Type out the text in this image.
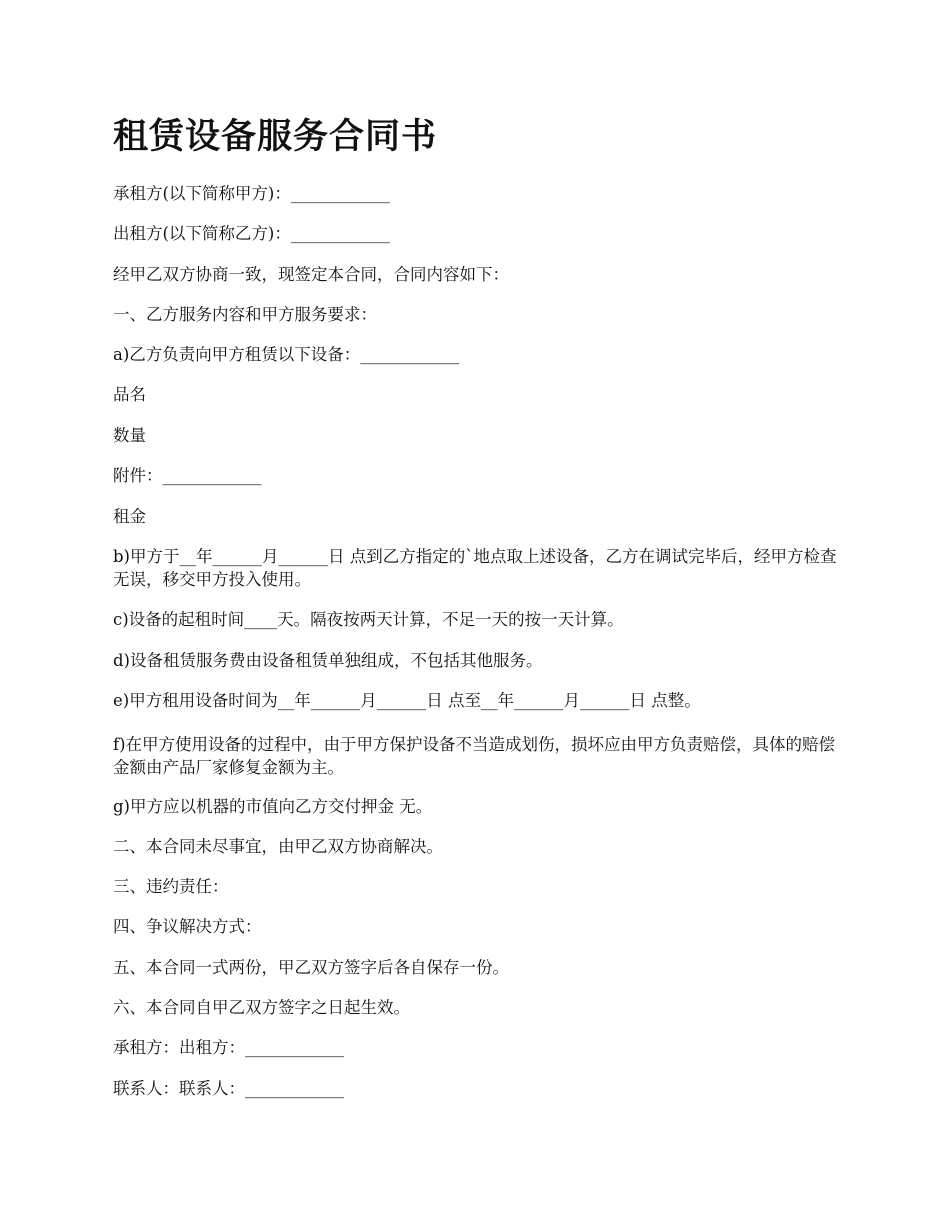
租赁设备服务合同书

承租方(以下简称甲方)：____________

出租方(以下简称乙方)：____________

经甲乙双方协商一致，现签定本合同，合同内容如下：

一、乙方服务内容和甲方服务要求：

a)乙方负责向甲方租赁以下设备：____________

品名

数量

附件：____________

租金

b)甲方于__年______月______日 点到乙方指定的`地点取上述设备，乙方在调试完毕后，经甲方检查无误，移交甲方投入使用。

c)设备的起租时间____天。隔夜按两天计算，不足一天的按一天计算。

d)设备租赁服务费由设备租赁单独组成，不包括其他服务。

e)甲方租用设备时间为__年______月______日 点至__年______月______日 点整。

f)在甲方使用设备的过程中，由于甲方保护设备不当造成划伤，损坏应由甲方负责赔偿，具体的赔偿金额由产品厂家修复金额为主。

g)甲方应以机器的市值向乙方交付押金 无。

二、本合同未尽事宜，由甲乙双方协商解决。

三、违约责任：

四、争议解决方式：

五、本合同一式两份，甲乙双方签字后各自保存一份。

六、本合同自甲乙双方签字之日起生效。

承租方：出租方：____________

联系人：联系人：____________
